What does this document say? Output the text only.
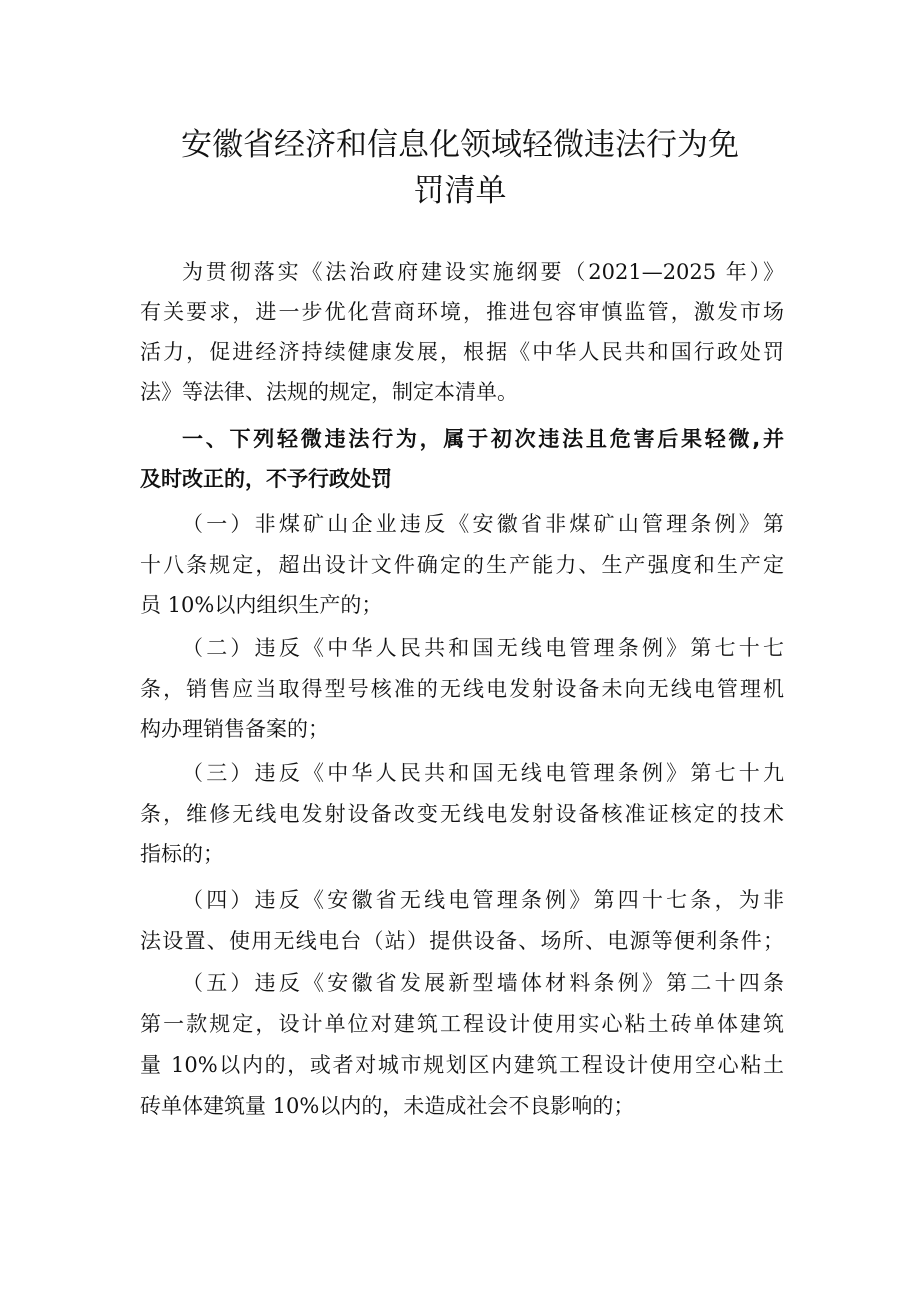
安徽省经济和信息化领域轻微违法行为免
罚清单
为贯彻落实《法治政府建设实施纲要（2021—2025 年）》
有关要求，进一步优化营商环境，推进包容审慎监管，激发市场
活力，促进经济持续健康发展，根据《中华人民共和国行政处罚
法》等法律、法规的规定，制定本清单。
一、下列轻微违法行为，属于初次违法且危害后果轻微,并
及时改正的，不予行政处罚
（一）非煤矿山企业违反《安徽省非煤矿山管理条例》第
十八条规定，超出设计文件确定的生产能力、生产强度和生产定
员 10%以内组织生产的；
（二）违反《中华人民共和国无线电管理条例》第七十七
条，销售应当取得型号核准的无线电发射设备未向无线电管理机
构办理销售备案的；
（三）违反《中华人民共和国无线电管理条例》第七十九
条，维修无线电发射设备改变无线电发射设备核准证核定的技术
指标的；
（四）违反《安徽省无线电管理条例》第四十七条，为非
法设置、使用无线电台（站）提供设备、场所、电源等便利条件；
（五）违反《安徽省发展新型墙体材料条例》第二十四条
第一款规定，设计单位对建筑工程设计使用实心粘土砖单体建筑
量 10%以内的，或者对城市规划区内建筑工程设计使用空心粘土
砖单体建筑量 10%以内的，未造成社会不良影响的；
